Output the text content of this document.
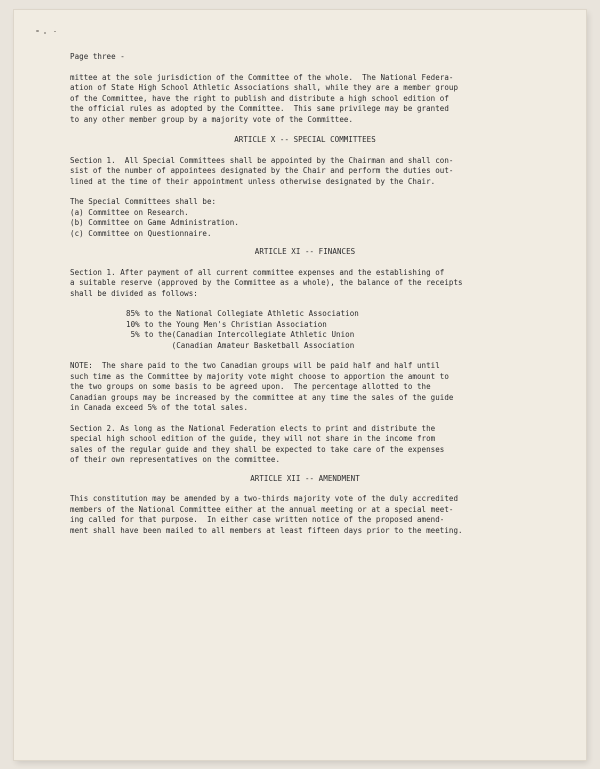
Page three -
mittee at the sole jurisdiction of the Committee of the whole.  The National Federa-
ation of State High School Athletic Associations shall, while they are a member group
of the Committee, have the right to publish and distribute a high school edition of
the official rules as adopted by the Committee.  This same privilege may be granted
to any other member group by a majority vote of the Committee.
ARTICLE X -- SPECIAL COMMITTEES
Section 1.  All Special Committees shall be appointed by the Chairman and shall con-
sist of the number of appointees designated by the Chair and perform the duties out-
lined at the time of their appointment unless otherwise designated by the Chair.
The Special Committees shall be:
(a) Committee on Research.
(b) Committee on Game Administration.
(c) Committee on Questionnaire.
ARTICLE XI -- FINANCES
Section 1. After payment of all current committee expenses and the establishing of
a suitable reserve (approved by the Committee as a whole), the balance of the receipts
shall be divided as follows:
85% to the National Collegiate Athletic Association
10% to the Young Men's Christian Association
5% to the(Canadian Intercollegiate Athletic Union
(Canadian Amateur Basketball Association
NOTE:  The share paid to the two Canadian groups will be paid half and half until
such time as the Committee by majority vote might choose to apportion the amount to
the two groups on some basis to be agreed upon.  The percentage allotted to the
Canadian groups may be increased by the committee at any time the sales of the guide
in Canada exceed 5% of the total sales.
Section 2. As long as the National Federation elects to print and distribute the
special high school edition of the guide, they will not share in the income from
sales of the regular guide and they shall be expected to take care of the expenses
of their own representatives on the committee.
ARTICLE XII -- AMENDMENT
This constitution may be amended by a two-thirds majority vote of the duly accredited
members of the National Committee either at the annual meeting or at a special meet-
ing called for that purpose.  In either case written notice of the proposed amend-
ment shall have been mailed to all members at least fifteen days prior to the meeting.
